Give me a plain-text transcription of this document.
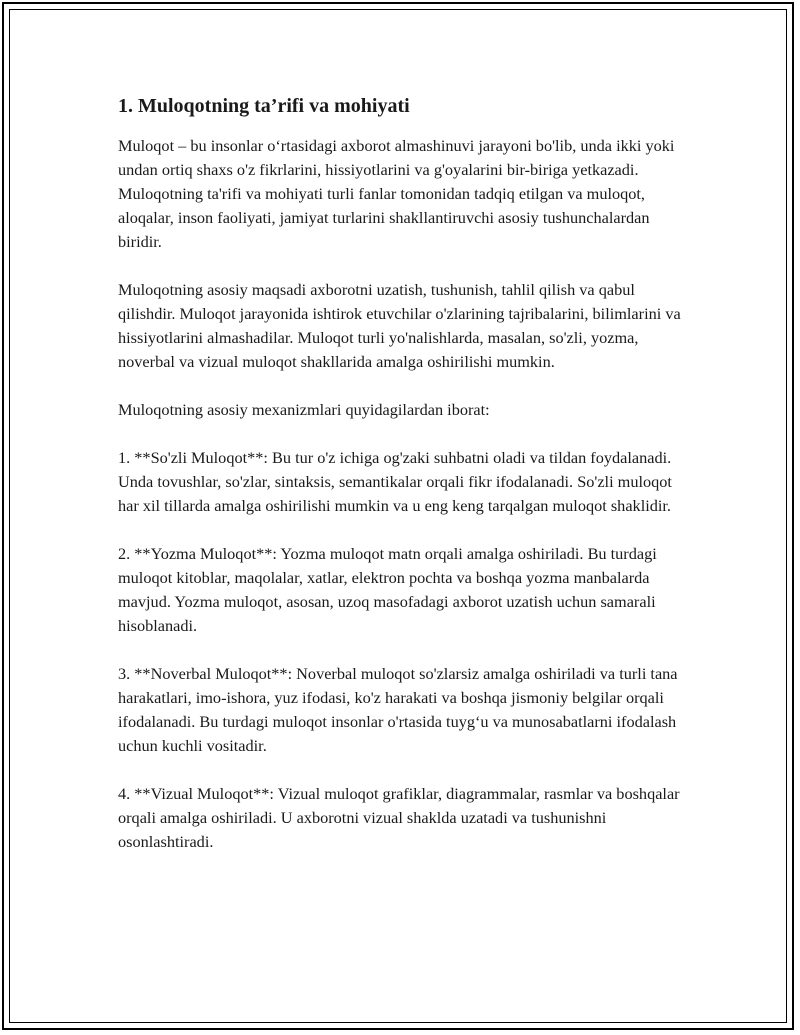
1. Muloqotning ta’rifi va mohiyati

Muloqot – bu insonlar oʻrtasidagi axborot almashinuvi jarayoni bo'lib, unda ikki yoki undan ortiq shaxs o'z fikrlarini, hissiyotlarini va g'oyalarini bir-biriga yetkazadi. Muloqotning ta'rifi va mohiyati turli fanlar tomonidan tadqiq etilgan va muloqot, aloqalar, inson faoliyati, jamiyat turlarini shakllantiruvchi asosiy tushunchalardan biridir.

Muloqotning asosiy maqsadi axborotni uzatish, tushunish, tahlil qilish va qabul qilishdir. Muloqot jarayonida ishtirok etuvchilar o'zlarining tajribalarini, bilimlarini va hissiyotlarini almashadilar. Muloqot turli yo'nalishlarda, masalan, so'zli, yozma, noverbal va vizual muloqot shakllarida amalga oshirilishi mumkin.

Muloqotning asosiy mexanizmlari quyidagilardan iborat:

1. **So'zli Muloqot**: Bu tur o'z ichiga og'zaki suhbatni oladi va tildan foydalanadi. Unda tovushlar, so'zlar, sintaksis, semantikalar orqali fikr ifodalanadi. So'zli muloqot har xil tillarda amalga oshirilishi mumkin va u eng keng tarqalgan muloqot shaklidir.

2. **Yozma Muloqot**: Yozma muloqot matn orqali amalga oshiriladi. Bu turdagi muloqot kitoblar, maqolalar, xatlar, elektron pochta va boshqa yozma manbalarda mavjud. Yozma muloqot, asosan, uzoq masofadagi axborot uzatish uchun samarali hisoblanadi.

3. **Noverbal Muloqot**: Noverbal muloqot so'zlarsiz amalga oshiriladi va turli tana harakatlari, imo-ishora, yuz ifodasi, ko'z harakati va boshqa jismoniy belgilar orqali ifodalanadi. Bu turdagi muloqot insonlar o'rtasida tuyg‘u va munosabatlarni ifodalash uchun kuchli vositadir.

4. **Vizual Muloqot**: Vizual muloqot grafiklar, diagrammalar, rasmlar va boshqalar orqali amalga oshiriladi. U axborotni vizual shaklda uzatadi va tushunishni osonlashtiradi.
